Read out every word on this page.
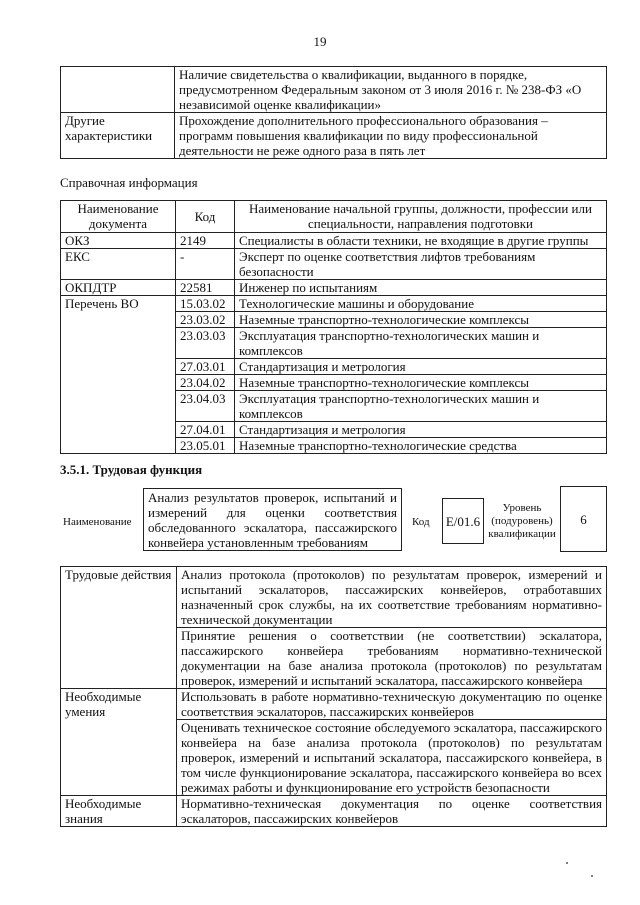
19
	Наличие свидетельства о квалификации, выданного в порядке, предусмотренном Федеральным законом от 3 июля 2016 г. № 238-ФЗ «О независимой оценке квалификации»
Другие характеристики	Прохождение дополнительного профессионального образования – программ повышения квалификации по виду профессиональной деятельности не реже одного раза в пять лет
Справочная информация
Наименование документа	Код	Наименование начальной группы, должности, профессии или специальности, направления подготовки
ОКЗ	2149	Специалисты в области техники, не входящие в другие группы
ЕКС	-	Эксперт по оценке соответствия лифтов требованиям безопасности
ОКПДТР	22581	Инженер по испытаниям
Перечень ВО	15.03.02	Технологические машины и оборудование
	23.03.02	Наземные транспортно-технологические комплексы
	23.03.03	Эксплуатация транспортно-технологических машин и комплексов
	27.03.01	Стандартизация и метрология
	23.04.02	Наземные транспортно-технологические комплексы
	23.04.03	Эксплуатация транспортно-технологических машин и комплексов
	27.04.01	Стандартизация и метрология
	23.05.01	Наземные транспортно-технологические средства
3.5.1. Трудовая функция
Наименование
Анализ результатов проверок, испытаний и измерений для оценки соответствия обследованного эскалатора, пассажирского конвейера установленным требованиям
Код E/01.6
Уровень (подуровень) квалификации
6
Трудовые действия	Анализ протокола (протоколов) по результатам проверок, измерений и испытаний эскалаторов, пассажирских конвейеров, отработавших назначенный срок службы, на их соответствие требованиям нормативно-технической документации
	Принятие решения о соответствии (не соответствии) эскалатора, пассажирского конвейера требованиям нормативно-технической документации на базе анализа протокола (протоколов) по результатам проверок, измерений и испытаний эскалатора, пассажирского конвейера
Необходимые умения	Использовать в работе нормативно-техническую документацию по оценке соответствия эскалаторов, пассажирских конвейеров
	Оценивать техническое состояние обследуемого эскалатора, пассажирского конвейера на базе анализа протокола (протоколов) по результатам проверок, измерений и испытаний эскалатора, пассажирского конвейера, в том числе функционирование эскалатора, пассажирского конвейера во всех режимах работы и функционирование его устройств безопасности
Необходимые знания	Нормативно-техническая документация по оценке соответствия эскалаторов, пассажирских конвейеров
